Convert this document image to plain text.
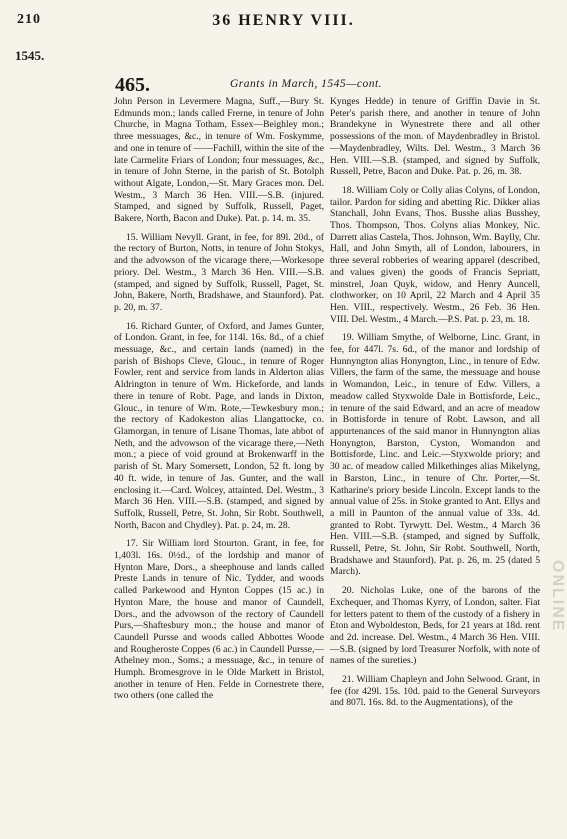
210	36 HENRY VIII.
1545.
465.	Grants in March, 1545—cont.

John Person in Levermere Magna, Suff.,—Bury St. Edmunds mon.; lands called Frerne, in tenure of John Churche, in Magna Totham, Essex—Beighley mon.; three messuages, &c., in tenure of Wm. Foskymme, and one in tenure of ——Fachill, within the site of the late Carmelite Friars of London; four messuages, &c., in tenure of John Sterne, in the parish of St. Botolph without Algate, London,—St. Mary Graces mon. Del. Westm., 3 March 36 Hen. VIII.—S.B. (injured. Stamped, and signed by Suffolk, Russell, Paget, Bakere, North, Bacon and Duke). Pat. p. 14. m. 35.

15. William Nevyll. Grant, in fee, for 89l. 20d., of the rectory of Burton, Notts, in tenure of John Stokys, and the advowson of the vicarage there,—Workesope priory. Del. Westm., 3 March 36 Hen. VIII.—S.B. (stamped, and signed by Suffolk, Russell, Paget, St. John, Bakere, North, Bradshawe, and Staunford). Pat. p. 20, m. 37.

16. Richard Gunter, of Oxford, and James Gunter, of London. Grant, in fee, for 114l. 16s. 8d., of a chief messuage, &c., and certain lands (named) in the parish of Bishops Cleve, Glouc., in tenure of Roger Fowler, rent and service from lands in Alderton alias Aldrington in tenure of Wm. Hickeforde, and lands there in tenure of Robt. Page, and lands in Dixton, Glouc., in tenure of Wm. Rote,—Tewkesbury mon.; the rectory of Kadokeston alias Llangattocke, co. Glamorgan, in tenure of Lisane Thomas, late abbot of Neth, and the advowson of the vicarage there,—Neth mon.; a piece of void ground at Brokenwarff in the parish of St. Mary Somersett, London, 52 ft. long by 40 ft. wide, in tenure of Jas. Gunter, and the wall enclosing it.—Card. Wolcey, attainted. Del. Westm., 3 March 36 Hen. VIII.—S.B. (stamped, and signed by Suffolk, Russell, Petre, St. John, Sir Robt. Southwell, North, Bacon and Chydley). Pat. p. 24, m. 28.

17. Sir William lord Stourton. Grant, in fee, for 1,403l. 16s. 0½d., of the lordship and manor of Hynton Mare, Dors., a sheephouse and lands called Preste Lands in tenure of Nic. Tydder, and woods called Parkewood and Hynton Coppes (15 ac.) in Hynton Mare, the house and manor of Caundell, Dors., and the advowson of the rectory of Caundell Purs,—Shaftesbury mon.; the house and manor of Caundell Pursse and woods called Abbottes Woode and Rougheroste Coppes (6 ac.) in Caundell Pursse,—Athelney mon., Soms.; a messuage, &c., in tenure of Humph. Bromesgrove in le Olde Markett in Bristol, another in tenure of Hen. Felde in Cornestrete there, two others (one called the

Kynges Hedde) in tenure of Griffin Davie in St. Peter's parish there, and another in tenure of John Brandekyne in Wynestrete there and all other possessions of the mon. of Maydenbradley in Bristol.—Maydenbradley, Wilts. Del. Westm., 3 March 36 Hen. VIII.—S.B. (stamped, and signed by Suffolk, Russell, Petre, Bacon and Duke. Pat. p. 26, m. 38.

18. William Coly or Colly alias Colyns, of London, tailor. Pardon for siding and abetting Ric. Dikker alias Stanchall, John Evans, Thos. Busshe alias Busshey, Thos. Thompson, Thos. Colyns alias Monkey, Nic. Darrett alias Castela, Thos. Johnson, Wm. Baylly, Chr. Hall, and John Smyth, all of London, labourers, in three several robberies of wearing apparel (described, and values given) the goods of Francis Sepriatt, minstrel, Joan Quyk, widow, and Henry Auncell, clothworker, on 10 April, 22 March and 4 April 35 Hen. VIII., respectively. Westm., 26 Feb. 36 Hen. VIII. Del. Westm., 4 March.—P.S. Pat. p. 23, m. 18.

19. William Smythe, of Welborne, Linc. Grant, in fee, for 447l. 7s. 6d., of the manor and lordship of Hunnyngton alias Honyngton, Linc., in tenure of Edw. Villers, the farm of the same, the messuage and house in Womandon, Leic., in tenure of Edw. Villers, a meadow called Styxwolde Dale in Bottisforde, Leic., in tenure of the said Edward, and an acre of meadow in Bottisforde in tenure of Robt. Lawson, and all appurtenances of the said manor in Hunnyngton alias Honyngton, Barston, Cyston, Womandon and Bottisforde, Linc. and Leic.—Styxwolde priory; and 30 ac. of meadow called Milkethinges alias Mikelyng, in Barston, Linc., in tenure of Chr. Porter,—St. Katharine's priory beside Lincoln. Except lands to the annual value of 25s. in Stoke granted to Ant. Ellys and a mill in Paunton of the annual value of 33s. 4d. granted to Robt. Tyrwytt. Del. Westm., 4 March 36 Hen. VIII.—S.B. (stamped, and signed by Suffolk, Russell, Petre, St. John, Sir Robt. Southwell, North, Bradshawe and Staunford). Pat. p. 26, m. 25 (dated 5 March).

20. Nicholas Luke, one of the barons of the Exchequer, and Thomas Kyrry, of London, salter. Fiat for letters patent to them of the custody of a fishery in Eton and Wyboldeston, Beds, for 21 years at 18d. rent and 2d. increase. Del. Westm., 4 March 36 Hen. VIII.—S.B. (signed by lord Treasurer Norfolk, with note of names of the sureties.)

21. William Chapleyn and John Selwood. Grant, in fee (for 429l. 15s. 10d. paid to the General Surveyors and 807l. 16s. 8d. to the Augmentations), of the

ONLINE
